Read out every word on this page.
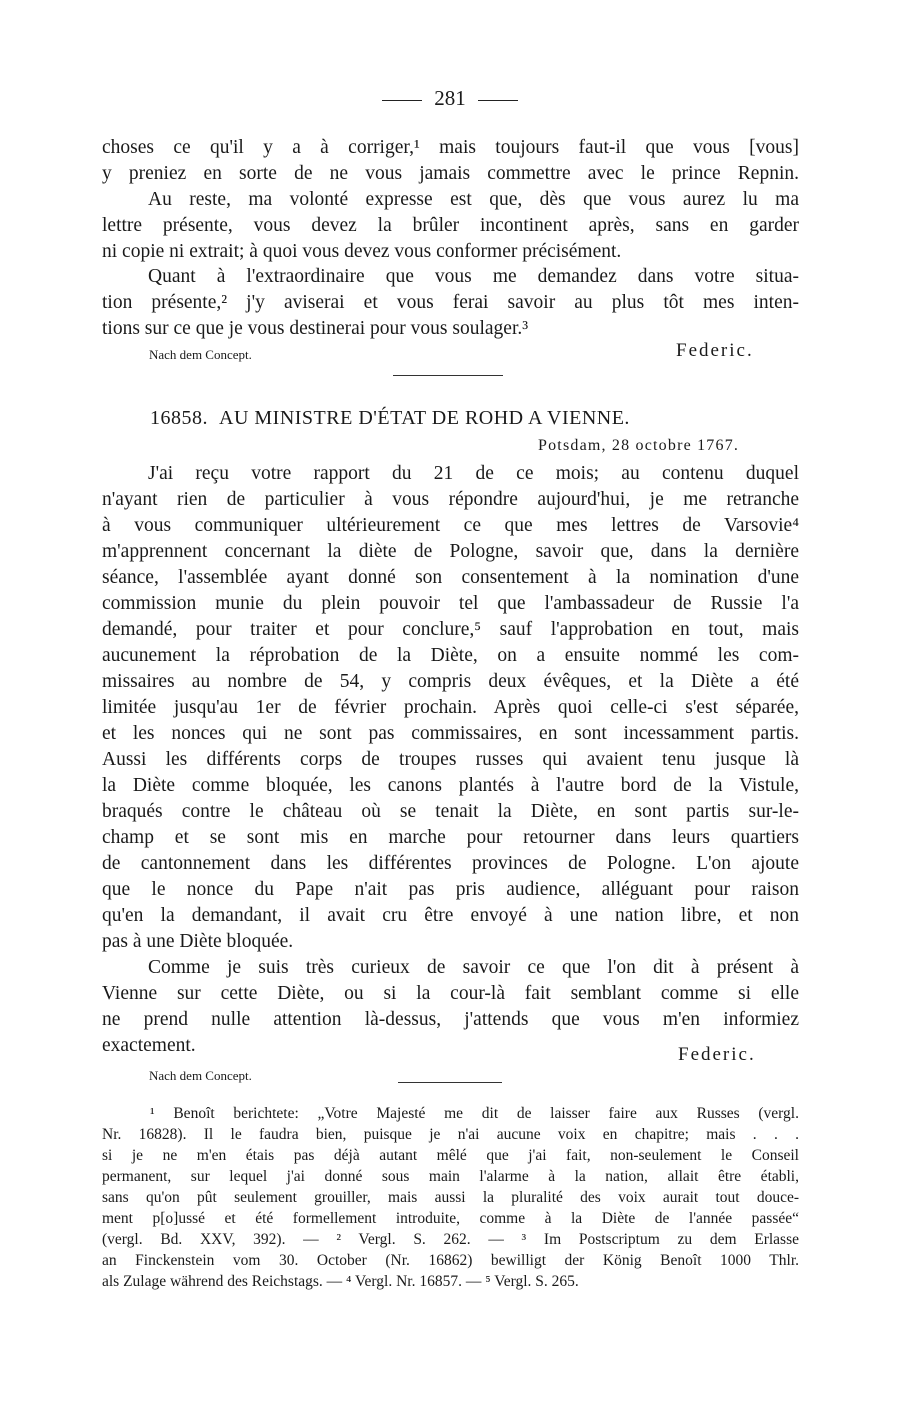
281
choses ce qu'il y a à corriger,¹ mais toujours faut-il que vous [vous]
y preniez en sorte de ne vous jamais commettre avec le prince Repnin.
Au reste, ma volonté expresse est que, dès que vous aurez lu ma
lettre présente, vous devez la brûler incontinent après, sans en garder
ni copie ni extrait; à quoi vous devez vous conformer précisément.
Quant à l'extraordinaire que vous me demandez dans votre situa-
tion présente,² j'y aviserai et vous ferai savoir au plus tôt mes inten-
tions sur ce que je vous destinerai pour vous soulager.³
Nach dem Concept.	Federic.
16858. AU MINISTRE D'ÉTAT DE ROHD A VIENNE.
Potsdam, 28 octobre 1767.
J'ai reçu votre rapport du 21 de ce mois; au contenu duquel
n'ayant rien de particulier à vous répondre aujourd'hui, je me retranche
à vous communiquer ultérieurement ce que mes lettres de Varsovie⁴
m'apprennent concernant la diète de Pologne, savoir que, dans la dernière
séance, l'assemblée ayant donné son consentement à la nomination d'une
commission munie du plein pouvoir tel que l'ambassadeur de Russie l'a
demandé, pour traiter et pour conclure,⁵ sauf l'approbation en tout, mais
aucunement la réprobation de la Diète, on a ensuite nommé les com-
missaires au nombre de 54, y compris deux évêques, et la Diète a été
limitée jusqu'au 1er de février prochain. Après quoi celle-ci s'est séparée,
et les nonces qui ne sont pas commissaires, en sont incessamment partis.
Aussi les différents corps de troupes russes qui avaient tenu jusque là
la Diète comme bloquée, les canons plantés à l'autre bord de la Vistule,
braqués contre le château où se tenait la Diète, en sont partis sur-le-
champ et se sont mis en marche pour retourner dans leurs quartiers
de cantonnement dans les différentes provinces de Pologne. L'on ajoute
que le nonce du Pape n'ait pas pris audience, alléguant pour raison
qu'en la demandant, il avait cru être envoyé à une nation libre, et non
pas à une Diète bloquée.
Comme je suis très curieux de savoir ce que l'on dit à présent à
Vienne sur cette Diète, ou si la cour-là fait semblant comme si elle
ne prend nulle attention là-dessus, j'attends que vous m'en informiez
exactement.	Federic.
Nach dem Concept.
¹ Benoît berichtete: „Votre Majesté me dit de laisser faire aux Russes (vergl.
Nr. 16828). Il le faudra bien, puisque je n'ai aucune voix en chapitre; mais . . .
si je ne m'en étais pas déjà autant mêlé que j'ai fait, non-seulement le Conseil
permanent, sur lequel j'ai donné sous main l'alarme à la nation, allait être établi,
sans qu'on pût seulement grouiller, mais aussi la pluralité des voix aurait tout douce-
ment p[o]ussé et été formellement introduite, comme à la Diète de l'année passée“
(vergl. Bd. XXV, 392). — ² Vergl. S. 262. — ³ Im Postscriptum zu dem Erlasse
an Finckenstein vom 30. October (Nr. 16862) bewilligt der König Benoît 1000 Thlr.
als Zulage während des Reichstags. — ⁴ Vergl. Nr. 16857. — ⁵ Vergl. S. 265.
